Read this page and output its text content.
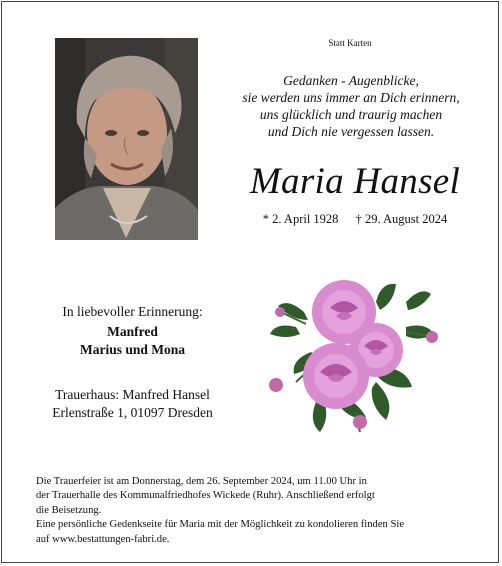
Statt Karten
Gedanken - Augenblicke,
sie werden uns immer an Dich erinnern,
uns glücklich und traurig machen
und Dich nie vergessen lassen.
Maria Hansel
* 2. April 1928 † 29. August 2024
In liebevoller Erinnerung:
Manfred
Marius und Mona
Trauerhaus: Manfred Hansel
Erlenstraße 1, 01097 Dresden
Die Trauerfeier ist am Donnerstag, dem 26. September 2024, um 11.00 Uhr in
der Trauerhalle des Kommunalfriedhofes Wickede (Ruhr). Anschließend erfolgt
die Beisetzung.
Eine persönliche Gedenkseite für Maria mit der Möglichkeit zu kondolieren finden Sie
auf www.bestattungen-fabri.de.
